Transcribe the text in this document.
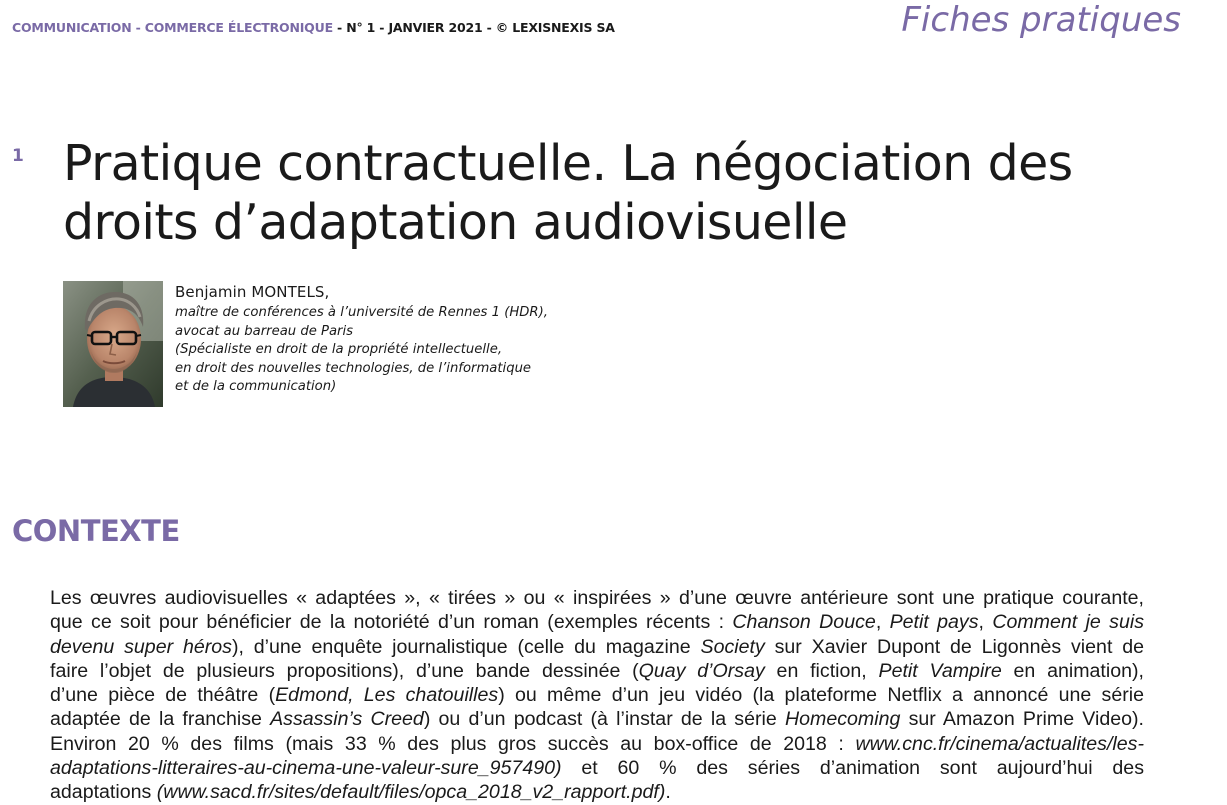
COMMUNICATION - COMMERCE ÉLECTRONIQUE - N° 1 - JANVIER 2021 - © LEXISNEXIS SA	Fiches pratiques
1 Pratique contractuelle. La négociation des droits d’adaptation audiovisuelle

Benjamin MONTELS,

maître de conférences à l’université de Rennes 1 (HDR),

avocat au barreau de Paris

(Spécialiste en droit de la propriété intellectuelle,

en droit des nouvelles technologies, de l’informatique

et de la communication)

CONTEXTE
Les œuvres audiovisuelles « adaptées », « tirées » ou « inspirées » d’une œuvre antérieure sont une pratique courante,
que ce soit pour bénéficier de la notoriété d’un roman (exemples récents : Chanson Douce, Petit pays, Comment je suis
devenu super héros), d’une enquête journalistique (celle du magazine Society sur Xavier Dupont de Ligonnès vient de
faire l’objet de plusieurs propositions), d’une bande dessinée (Quay d’Orsay en fiction, Petit Vampire en animation),
d’une pièce de théâtre (Edmond, Les chatouilles) ou même d’un jeu vidéo (la plateforme Netflix a annoncé une série
adaptée de la franchise Assassin’s Creed) ou d’un podcast (à l’instar de la série Homecoming sur Amazon Prime Video).
Environ 20 % des films (mais 33 % des plus gros succès au box-office de 2018 : www.cnc.fr/cinema/actualites/les-
adaptations-litteraires-au-cinema-une-valeur-sure_957490) et 60 % des séries d’animation sont aujourd’hui des
adaptations (www.sacd.fr/sites/default/files/opca_2018_v2_rapport.pdf).
